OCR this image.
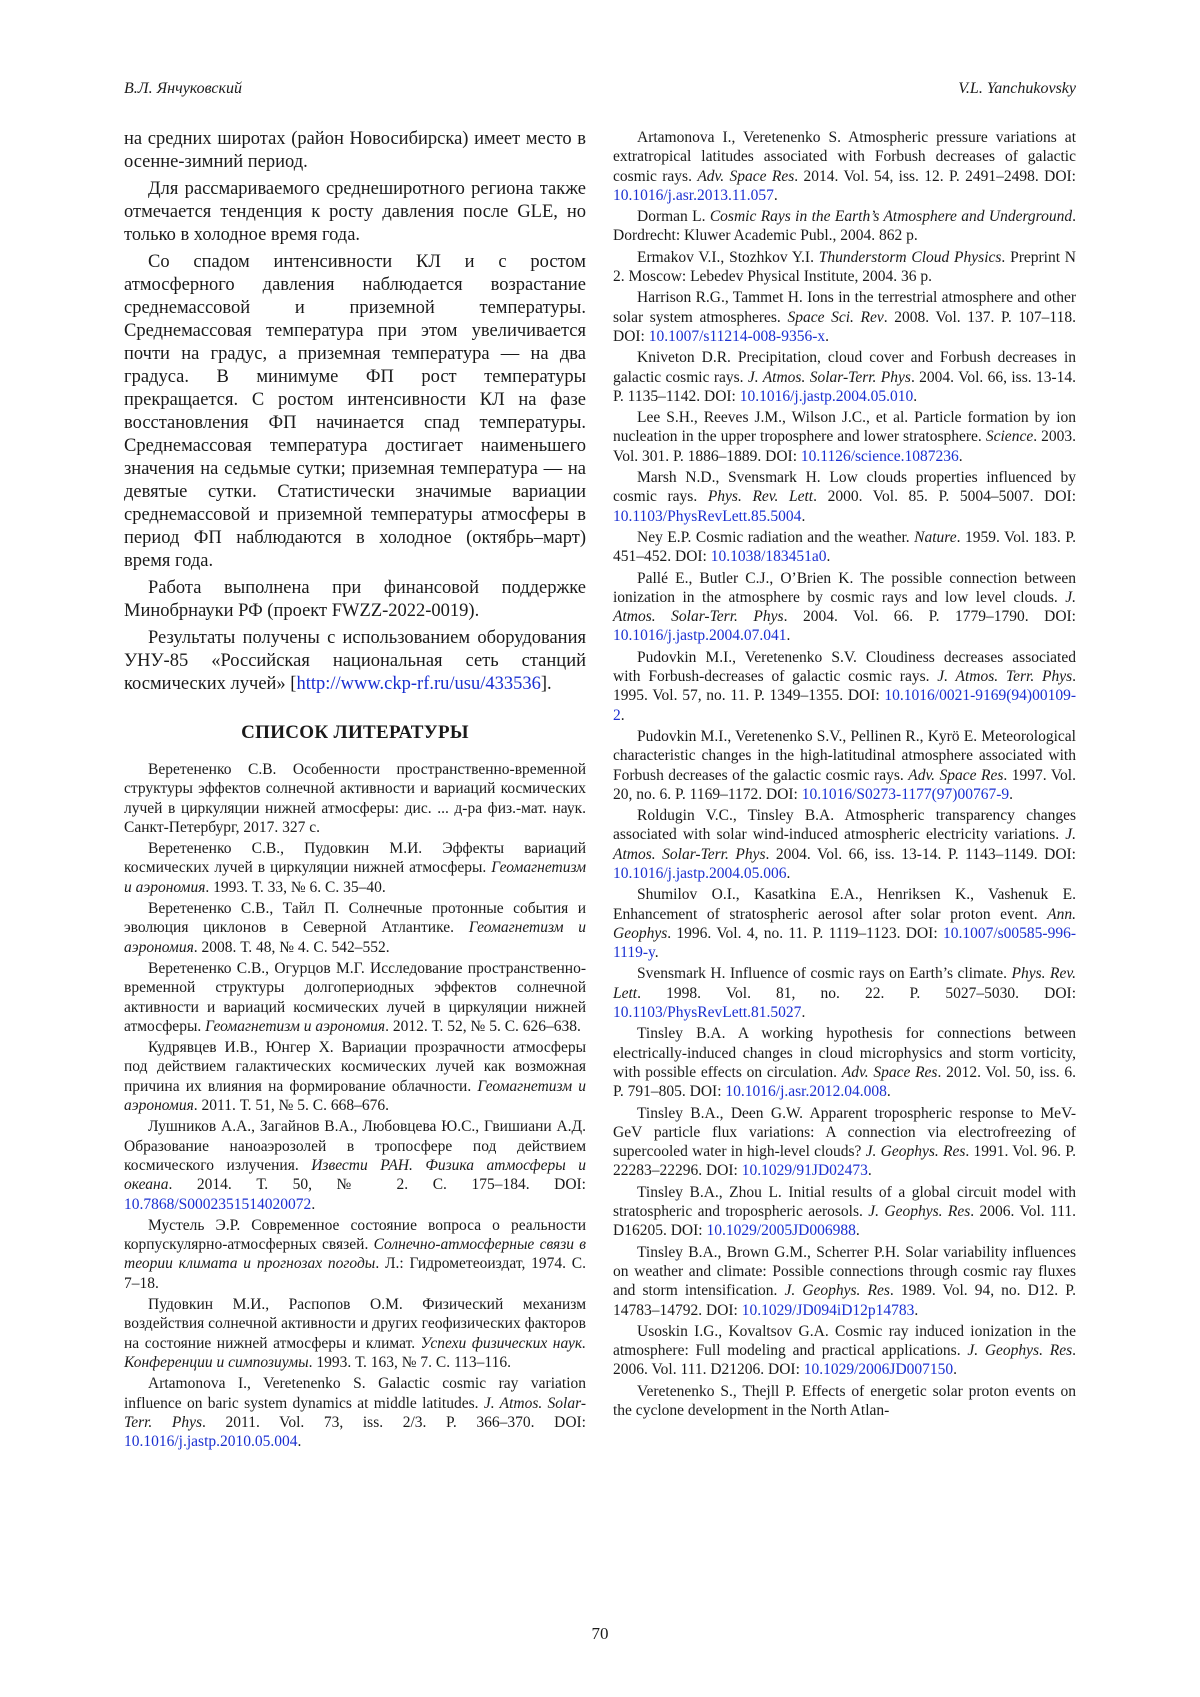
В.Л. Янчуковский	V.L. Yanchukovsky

на средних широтах (район Новосибирска) имеет место в осенне-зимний период.

Для рассмариваемого среднеширотного региона также отмечается тенденция к росту давления после GLE, но только в холодное время года.

Со спадом интенсивности КЛ и с ростом атмосферного давления наблюдается возрастание среднемассовой и приземной температуры. Среднемассовая температура при этом увеличивается почти на градус, а приземная температура — на два градуса. В минимуме ФП рост температуры прекращается. С ростом интенсивности КЛ на фазе восстановления ФП начинается спад температуры. Среднемассовая температура достигает наименьшего значения на седьмые сутки; приземная температура — на девятые сутки. Статистически значимые вариации среднемассовой и приземной температуры атмосферы в период ФП наблюдаются в холодное (октябрь–март) время года.

Работа выполнена при финансовой поддержке Минобрнауки РФ (проект FWZZ-2022-0019).

Результаты получены с использованием оборудования УНУ-85 «Российская национальная сеть станций космических лучей» [http://www.ckp-rf.ru/usu/433536].

СПИСОК ЛИТЕРАТУРЫ

Веретененко С.В. Особенности пространственно-временной структуры эффектов солнечной активности и вариаций космических лучей в циркуляции нижней атмосферы: дис. ... д-ра физ.-мат. наук. Санкт-Петербург, 2017. 327 с.

Веретененко С.В., Пудовкин М.И. Эффекты вариаций космических лучей в циркуляции нижней атмосферы. Геомагнетизм и аэрономия. 1993. Т. 33, № 6. С. 35–40.

Веретененко С.В., Тайл П. Солнечные протонные события и эволюция циклонов в Северной Атлантике. Геомагнетизм и аэрономия. 2008. Т. 48, № 4. С. 542–552.

Веретененко С.В., Огурцов М.Г. Исследование пространственно-временной структуры долгопериодных эффектов солнечной активности и вариаций космических лучей в циркуляции нижней атмосферы. Геомагнетизм и аэрономия. 2012. Т. 52, № 5. С. 626–638.

Кудрявцев И.В., Юнгер Х. Вариации прозрачности атмосферы под действием галактических космических лучей как возможная причина их влияния на формирование облачности. Геомагнетизм и аэрономия. 2011. Т. 51, № 5. С. 668–676.

Лушников А.А., Загайнов В.А., Любовцева Ю.С., Гвишиани А.Д. Образование наноаэрозолей в тропосфере под действием космического излучения. Извести РАН. Физика атмосферы и океана. 2014. Т. 50, № 2. С. 175–184. DOI: 10.7868/S0002351514020072.

Мустель Э.Р. Современное состояние вопроса о реальности корпускулярно-атмосферных связей. Солнечно-атмосферные связи в теории климата и прогнозах погоды. Л.: Гидрометеоиздат, 1974. С. 7–18.

Пудовкин М.И., Распопов О.М. Физический механизм воздействия солнечной активности и других геофизических факторов на состояние нижней атмосферы и климат. Успехи физических наук. Конференции и симпозиумы. 1993. Т. 163, № 7. С. 113–116.

Artamonova I., Veretenenko S. Galactic cosmic ray variation influence on baric system dynamics at middle latitudes. J. Atmos. Solar-Terr. Phys. 2011. Vol. 73, iss. 2/3. P. 366–370. DOI: 10.1016/j.jastp.2010.05.004.

Artamonova I., Veretenenko S. Atmospheric pressure variations at extratropical latitudes associated with Forbush decreases of galactic cosmic rays. Adv. Space Res. 2014. Vol. 54, iss. 12. P. 2491–2498. DOI: 10.1016/j.asr.2013.11.057.

Dorman L. Cosmic Rays in the Earth’s Atmosphere and Underground. Dordrecht: Kluwer Academic Publ., 2004. 862 p.

Ermakov V.I., Stozhkov Y.I. Thunderstorm Cloud Physics. Preprint N 2. Moscow: Lebedev Physical Institute, 2004. 36 p.

Harrison R.G., Tammet H. Ions in the terrestrial atmosphere and other solar system atmospheres. Space Sci. Rev. 2008. Vol. 137. P. 107–118. DOI: 10.1007/s11214-008-9356-x.

Kniveton D.R. Precipitation, cloud cover and Forbush decreases in galactic cosmic rays. J. Atmos. Solar-Terr. Phys. 2004. Vol. 66, iss. 13-14. P. 1135–1142. DOI: 10.1016/j.jastp.2004.05.010.

Lee S.H., Reeves J.M., Wilson J.C., et al. Particle formation by ion nucleation in the upper troposphere and lower stratosphere. Science. 2003. Vol. 301. P. 1886–1889. DOI: 10.1126/science.1087236.

Marsh N.D., Svensmark H. Low clouds properties influenced by cosmic rays. Phys. Rev. Lett. 2000. Vol. 85. P. 5004–5007. DOI: 10.1103/PhysRevLett.85.5004.

Ney E.P. Cosmic radiation and the weather. Nature. 1959. Vol. 183. P. 451–452. DOI: 10.1038/183451a0.

Pallé E., Butler C.J., O’Brien K. The possible connection between ionization in the atmosphere by cosmic rays and low level clouds. J. Atmos. Solar-Terr. Phys. 2004. Vol. 66. P. 1779–1790. DOI: 10.1016/j.jastp.2004.07.041.

Pudovkin M.I., Veretenenko S.V. Cloudiness decreases associated with Forbush-decreases of galactic cosmic rays. J. Atmos. Terr. Phys. 1995. Vol. 57, no. 11. P. 1349–1355. DOI: 10.1016/0021-9169(94)00109-2.

Pudovkin M.I., Veretenenko S.V., Pellinen R., Kyrö E. Meteorological characteristic changes in the high-latitudinal atmosphere associated with Forbush decreases of the galactic cosmic rays. Adv. Space Res. 1997. Vol. 20, no. 6. P. 1169–1172. DOI: 10.1016/S0273-1177(97)00767-9.

Roldugin V.C., Tinsley B.A. Atmospheric transparency changes associated with solar wind-induced atmospheric electricity variations. J. Atmos. Solar-Terr. Phys. 2004. Vol. 66, iss. 13-14. P. 1143–1149. DOI: 10.1016/j.jastp.2004.05.006.

Shumilov O.I., Kasatkina E.A., Henriksen K., Vashenuk E. Enhancement of stratospheric aerosol after solar proton event. Ann. Geophys. 1996. Vol. 4, no. 11. P. 1119–1123. DOI: 10.1007/s00585-996-1119-y.

Svensmark H. Influence of cosmic rays on Earth’s climate. Phys. Rev. Lett. 1998. Vol. 81, no. 22. P. 5027–5030. DOI: 10.1103/PhysRevLett.81.5027.

Tinsley B.A. A working hypothesis for connections between electrically-induced changes in cloud microphysics and storm vorticity, with possible effects on circulation. Adv. Space Res. 2012. Vol. 50, iss. 6. P. 791–805. DOI: 10.1016/j.asr.2012.04.008.

Tinsley B.A., Deen G.W. Apparent tropospheric response to MeV-GeV particle flux variations: A connection via electrofreezing of supercooled water in high-level clouds? J. Geophys. Res. 1991. Vol. 96. P. 22283–22296. DOI: 10.1029/91JD02473.

Tinsley B.A., Zhou L. Initial results of a global circuit model with stratospheric and tropospheric aerosols. J. Geophys. Res. 2006. Vol. 111. D16205. DOI: 10.1029/2005JD006988.

Tinsley B.A., Brown G.M., Scherrer P.H. Solar variability influences on weather and climate: Possible connections through cosmic ray fluxes and storm intensification. J. Geophys. Res. 1989. Vol. 94, no. D12. P. 14783–14792. DOI: 10.1029/JD094iD12p14783.

Usoskin I.G., Kovaltsov G.A. Cosmic ray induced ionization in the atmosphere: Full modeling and practical applications. J. Geophys. Res. 2006. Vol. 111. D21206. DOI: 10.1029/2006JD007150.

Veretenenko S., Thejll P. Effects of energetic solar proton events on the cyclone development in the North Atlan-

70
